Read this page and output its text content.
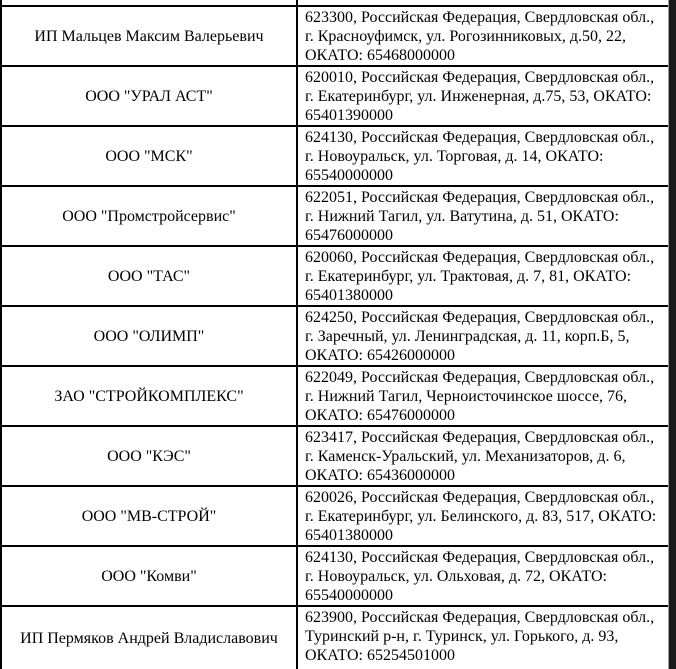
ИП Мальцев Максим Валерьевич
623300, Российская Федерация, Свердловская обл., г. Красноуфимск, ул. Рогозинниковых, д.50, 22, ОКАТО: 65468000000
ООО "УРАЛ АСТ"
620010, Российская Федерация, Свердловская обл., г. Екатеринбург, ул. Инженерная, д.75, 53, ОКАТО: 65401390000
ООО "МСК"
624130, Российская Федерация, Свердловская обл., г. Новоуральск, ул. Торговая, д. 14, ОКАТО: 65540000000
ООО "Промстройсервис"
622051, Российская Федерация, Свердловская обл., г. Нижний Тагил, ул. Ватутина, д. 51, ОКАТО: 65476000000
ООО "ТАС"
620060, Российская Федерация, Свердловская обл., г. Екатеринбург, ул. Трактовая, д. 7, 81, ОКАТО: 65401380000
ООО "ОЛИМП"
624250, Российская Федерация, Свердловская обл., г. Заречный, ул. Ленинградская, д. 11, корп.Б, 5, ОКАТО: 65426000000
ЗАО "СТРОЙКОМПЛЕКС"
622049, Российская Федерация, Свердловская обл., г. Нижний Тагил, Черноисточинское шоссе, 76, ОКАТО: 65476000000
ООО "КЭС"
623417, Российская Федерация, Свердловская обл., г. Каменск-Уральский, ул. Механизаторов, д. 6, ОКАТО: 65436000000
ООО "МВ-СТРОЙ"
620026, Российская Федерация, Свердловская обл., г. Екатеринбург, ул. Белинского, д. 83, 517, ОКАТО: 65401380000
ООО "Комви"
624130, Российская Федерация, Свердловская обл., г. Новоуральск, ул. Ольховая, д. 72, ОКАТО: 65540000000
ИП Пермяков Андрей Владиславович
623900, Российская Федерация, Свердловская обл., Туринский р-н, г. Туринск, ул. Горького, д. 93, ОКАТО: 65254501000
